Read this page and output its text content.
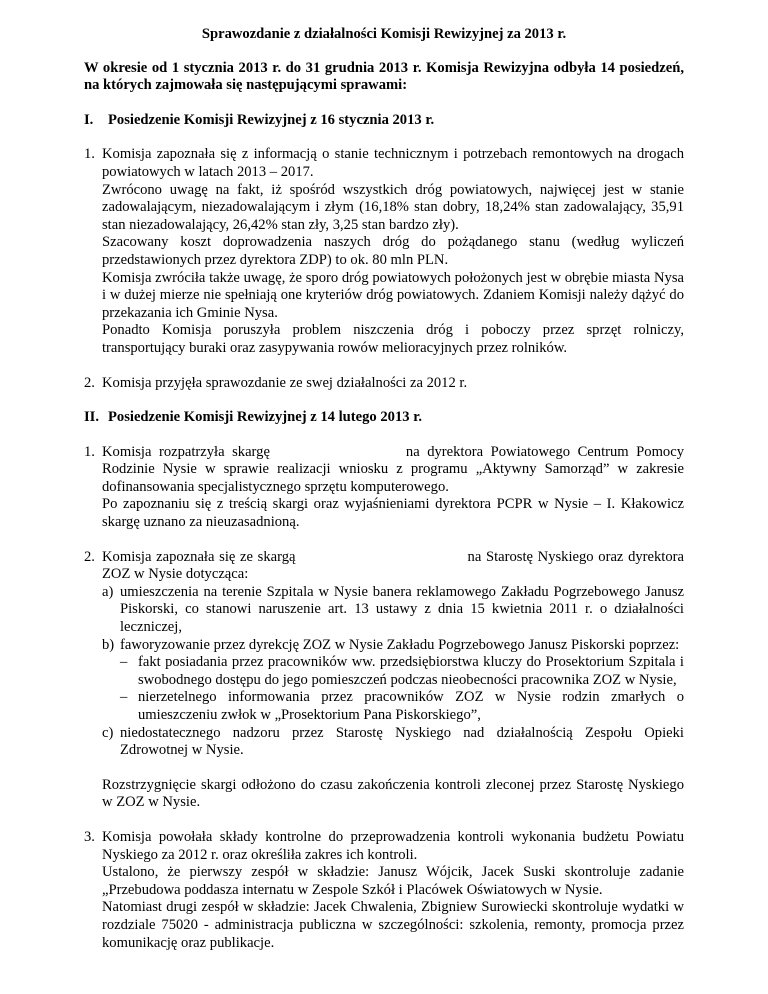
Sprawozdanie z działalności Komisji Rewizyjnej za 2013 r.
W okresie od 1 stycznia 2013 r. do 31 grudnia 2013 r. Komisja Rewizyjna odbyła 14 posiedzeń, na których zajmowała się następującymi sprawami:
I. Posiedzenie Komisji Rewizyjnej z 16 stycznia 2013 r.
1. Komisja zapoznała się z informacją o stanie technicznym i potrzebach remontowych na drogach powiatowych w latach 2013 – 2017.

Zwrócono uwagę na fakt, iż spośród wszystkich dróg powiatowych, najwięcej jest w stanie zadowalającym, niezadowalającym i złym (16,18% stan dobry, 18,24% stan zadowalający, 35,91 stan niezadowalający, 26,42% stan zły, 3,25 stan bardzo zły).

Szacowany koszt doprowadzenia naszych dróg do pożądanego stanu (według wyliczeń przedstawionych przez dyrektora ZDP) to ok. 80 mln PLN.

Komisja zwróciła także uwagę, że sporo dróg powiatowych położonych jest w obrębie miasta Nysa i w dużej mierze nie spełniają one kryteriów dróg powiatowych. Zdaniem Komisji należy dążyć do przekazania ich Gminie Nysa.

Ponadto Komisja poruszyła problem niszczenia dróg i poboczy przez sprzęt rolniczy, transportujący buraki oraz zasypywania rowów melioracyjnych przez rolników.

2. Komisja przyjęła sprawozdanie ze swej działalności za 2012 r.

II. Posiedzenie Komisji Rewizyjnej z 14 lutego 2013 r.
1. Komisja rozpatrzyła skargę	na dyrektora Powiatowego Centrum Pomocy Rodzinie Nysie w sprawie realizacji wniosku z programu „Aktywny Samorząd” w zakresie dofinansowania specjalistycznego sprzętu komputerowego.

Po zapoznaniu się z treścią skargi oraz wyjaśnieniami dyrektora PCPR w Nysie – I. Kłakowicz skargę uznano za nieuzasadnioną.

2. Komisja zapoznała się ze skargą	na Starostę Nyskiego oraz dyrektora ZOZ w Nysie dotycząca:

a) umieszczenia na terenie Szpitala w Nysie banera reklamowego Zakładu Pogrzebowego Janusz Piskorski, co stanowi naruszenie art. 13 ustawy z dnia 15 kwietnia 2011 r. o działalności leczniczej,
b) faworyzowanie przez dyrekcję ZOZ w Nysie Zakładu Pogrzebowego Janusz Piskorski poprzez:
– fakt posiadania przez pracowników ww. przedsiębiorstwa kluczy do Prosektorium Szpitala i swobodnego dostępu do jego pomieszczeń podczas nieobecności pracownika ZOZ w Nysie,
– nierzetelnego informowania przez pracowników ZOZ w Nysie rodzin zmarłych o umieszczeniu zwłok w „Prosektorium Pana Piskorskiego”,
c) niedostatecznego nadzoru przez Starostę Nyskiego nad działalnością Zespołu Opieki Zdrowotnej w Nysie.
Rozstrzygnięcie skargi odłożono do czasu zakończenia kontroli zleconej przez Starostę Nyskiego w ZOZ w Nysie.
3. Komisja powołała składy kontrolne do przeprowadzenia kontroli wykonania budżetu Powiatu Nyskiego za 2012 r. oraz określiła zakres ich kontroli.

Ustalono, że pierwszy zespół w składzie: Janusz Wójcik, Jacek Suski skontroluje zadanie „Przebudowa poddasza internatu w Zespole Szkół i Placówek Oświatowych w Nysie.

Natomiast drugi zespół w składzie: Jacek Chwalenia, Zbigniew Surowiecki skontroluje wydatki w rozdziale 75020 - administracja publiczna w szczególności: szkolenia, remonty, promocja przez komunikację oraz publikacje.
